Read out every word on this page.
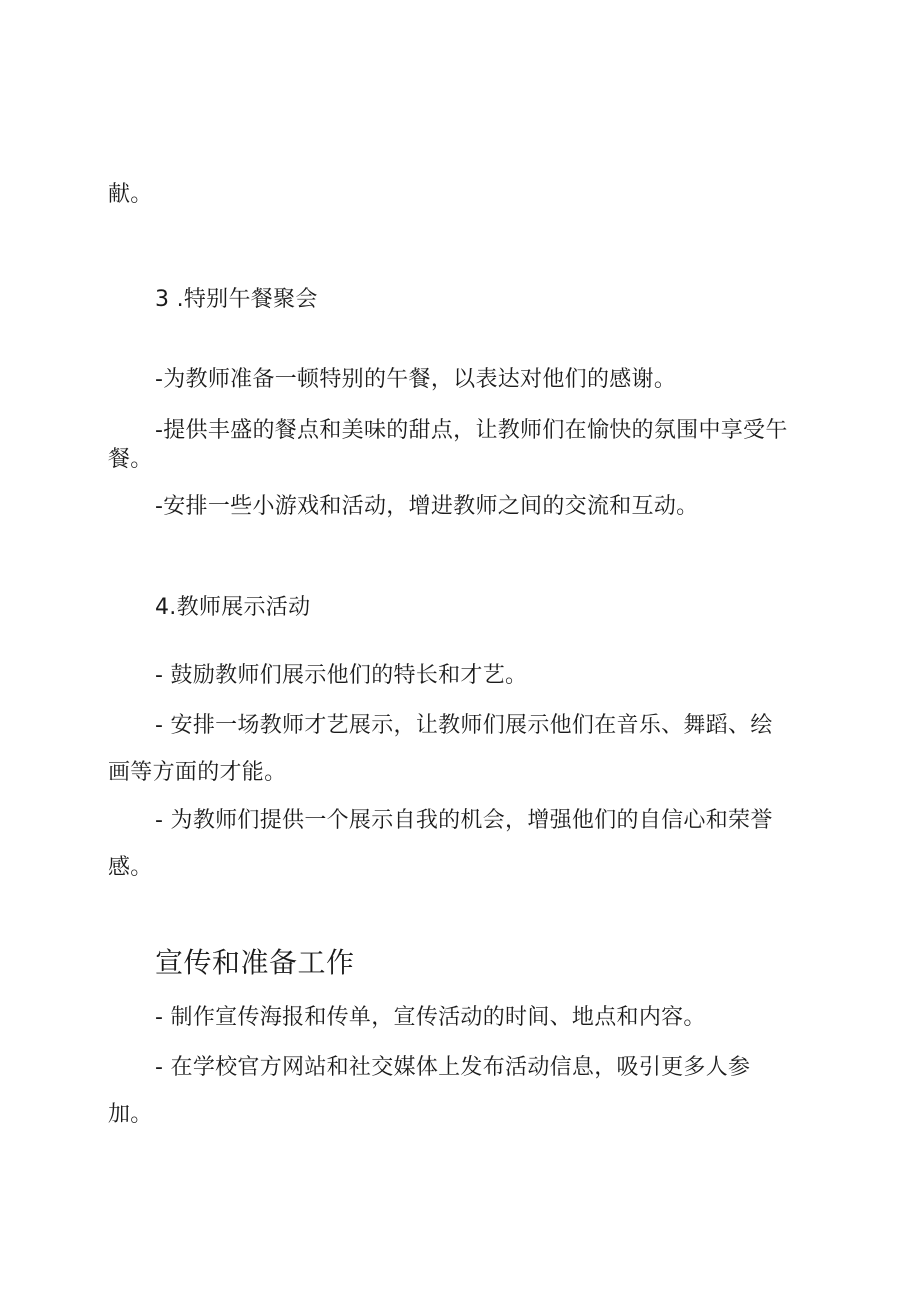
献。
3 .特别午餐聚会
-为教师准备一顿特别的午餐，以表达对他们的感谢。
-提供丰盛的餐点和美味的甜点，让教师们在愉快的氛围中享受午
餐。
-安排一些小游戏和活动，增进教师之间的交流和互动。
4.教师展示活动
- 鼓励教师们展示他们的特长和才艺。
- 安排一场教师才艺展示，让教师们展示他们在音乐、舞蹈、绘
画等方面的才能。
- 为教师们提供一个展示自我的机会，增强他们的自信心和荣誉
感。
宣传和准备工作
- 制作宣传海报和传单，宣传活动的时间、地点和内容。
- 在学校官方网站和社交媒体上发布活动信息，吸引更多人参
加。
